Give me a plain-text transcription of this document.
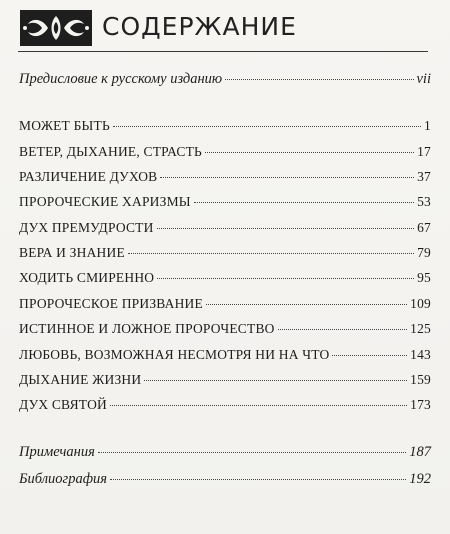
СОДЕРЖАНИЕ
Предисловие к русскому изданию	vii
МОЖЕТ БЫТЬ	1
ВЕТЕР, ДЫХАНИЕ, СТРАСТЬ	17
РАЗЛИЧЕНИЕ ДУХОВ	37
ПРОРОЧЕСКИЕ ХАРИЗМЫ	53
ДУХ ПРЕМУДРОСТИ	67
ВЕРА И ЗНАНИЕ	79
ХОДИТЬ СМИРЕННО	95
ПРОРОЧЕСКОЕ ПРИЗВАНИЕ	109
ИСТИННОЕ И ЛОЖНОЕ ПРОРОЧЕСТВО	125
ЛЮБОВЬ, ВОЗМОЖНАЯ НЕСМОТРЯ НИ НА ЧТО	143
ДЫХАНИЕ ЖИЗНИ	159
ДУХ СВЯТОЙ	173
Примечания	187
Библиография	192
